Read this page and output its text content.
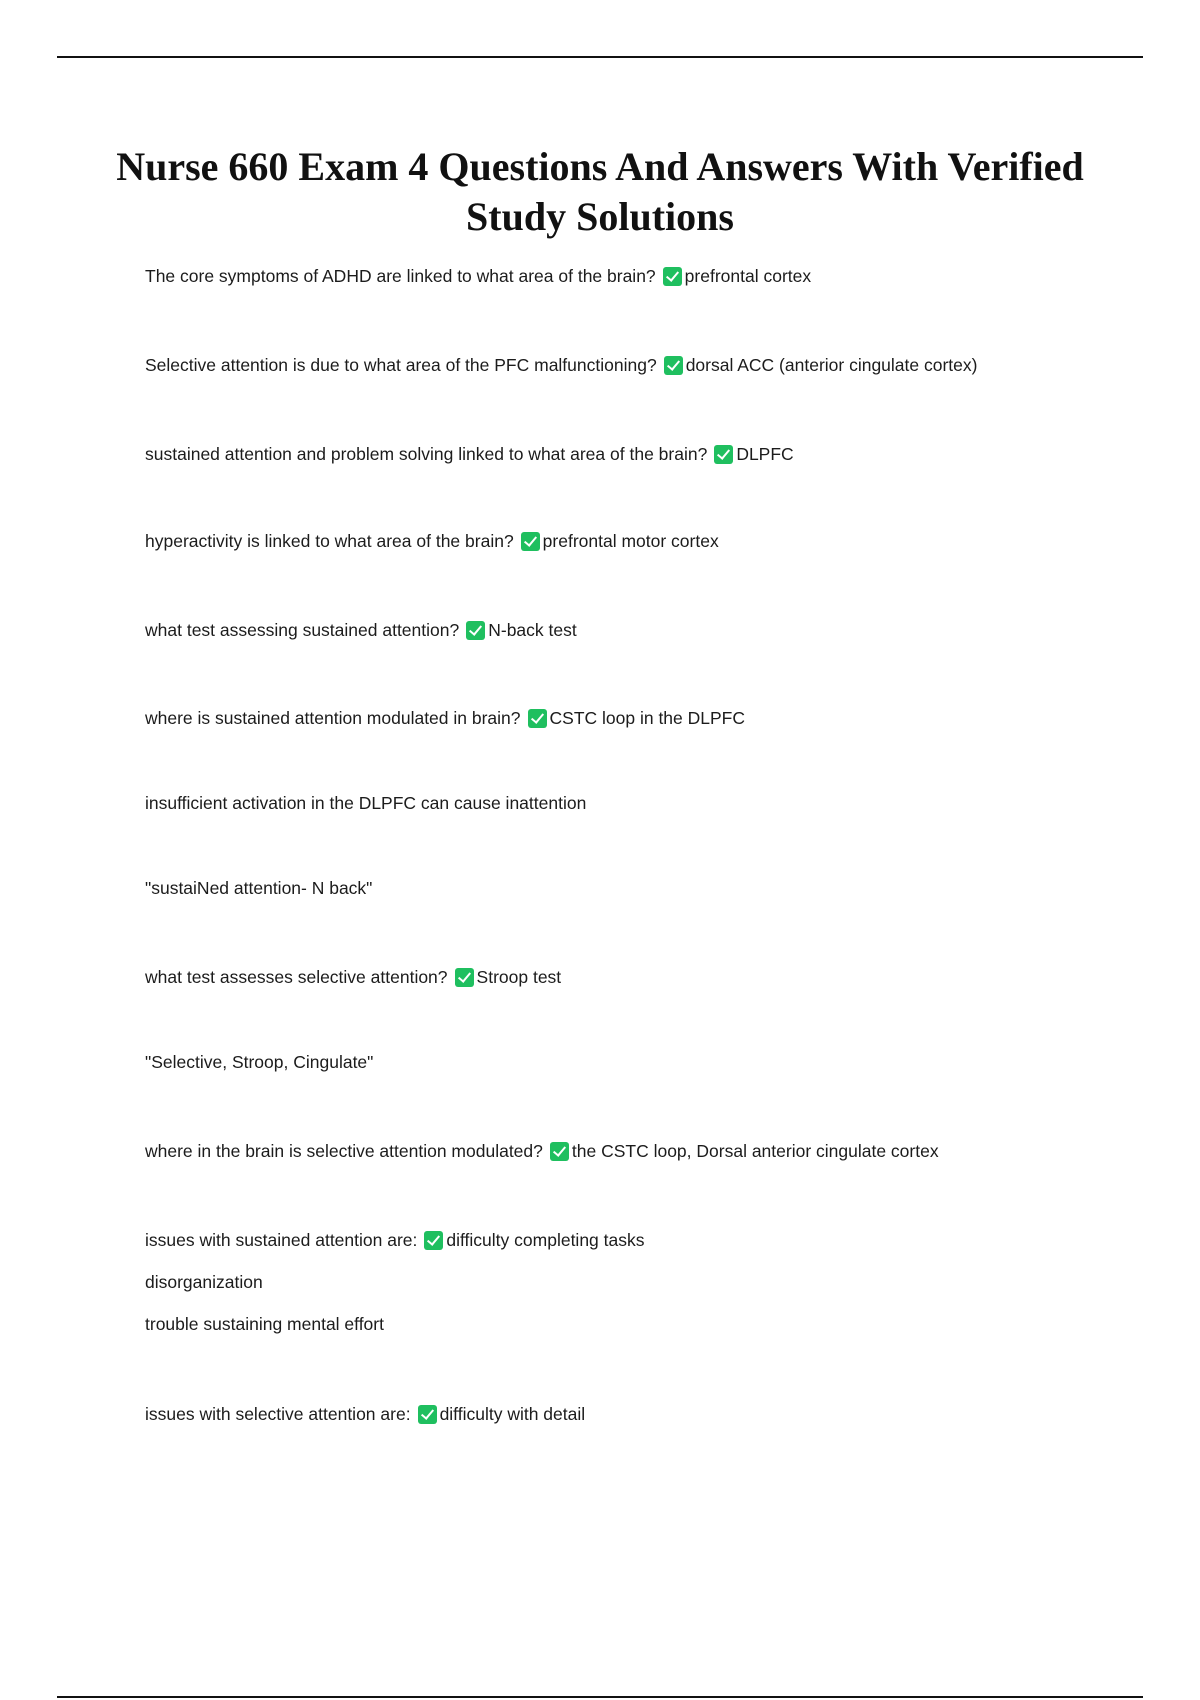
Nurse 660 Exam 4 Questions And Answers With Verified Study Solutions
The core symptoms of ADHD are linked to what area of the brain? prefrontal cortex
Selective attention is due to what area of the PFC malfunctioning? dorsal ACC (anterior cingulate cortex)
sustained attention and problem solving linked to what area of the brain? DLPFC
hyperactivity is linked to what area of the brain? prefrontal motor cortex
what test assessing sustained attention? N-back test
where is sustained attention modulated in brain? CSTC loop in the DLPFC
insufficient activation in the DLPFC can cause inattention
"sustaiNed attention- N back"
what test assesses selective attention? Stroop test
"Selective, Stroop, Cingulate"
where in the brain is selective attention modulated? the CSTC loop, Dorsal anterior cingulate cortex
issues with sustained attention are: difficulty completing tasks
disorganization
trouble sustaining mental effort
issues with selective attention are: difficulty with detail
